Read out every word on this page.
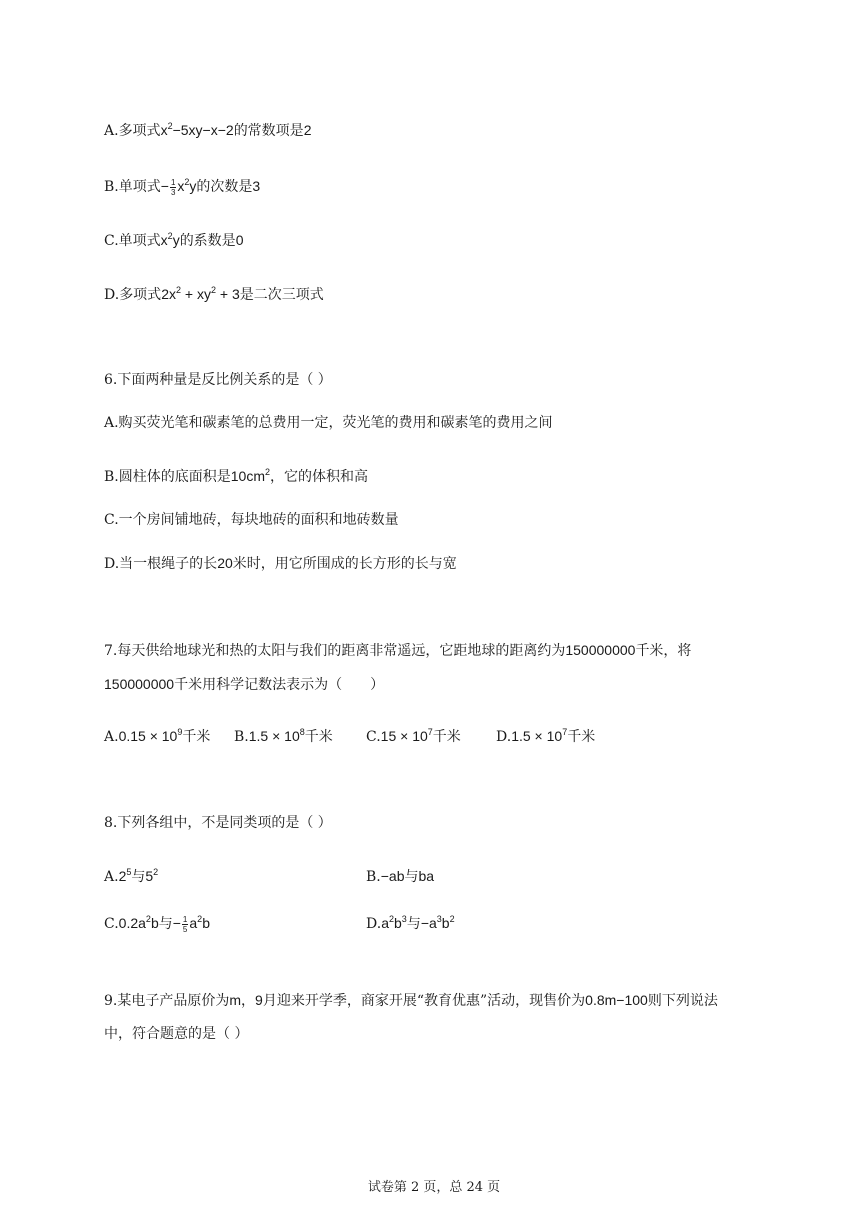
A.多项式$x^2-5xy-x-2$的常数项是2
B.单项式− $\frac{1}{3} x^2y$的次数是3
C.单项式$x^2y$的系数是0
D.多项式$2x^2 + xy^2 + 3$是二次三项式
6.下面两种量是反比例关系的是（ ）
A.购买荧光笔和碳素笔的总费用一定，荧光笔的费用和碳素笔的费用之间
B.圆柱体的底面积是$10cm^2$，它的体积和高
C.一个房间铺地砖，每块地砖的面积和地砖数量
D.当一根绳子的长20米时，用它所围成的长方形的长与宽
7.每天供给地球光和热的太阳与我们的距离非常遥远，它距地球的距离约为150000000千米，将
150000000千米用科学记数法表示为（　　）
$A.0.15 \times 10^9$千米 $B.1.5 \times 10^8$千米 $C.15 \times 10^7$千米	$D.1.5 \times 10^7$千米
8.下列各组中，不是同类项的是（ ）
$A.2^5$与$5^2$	B.−ab与ba
$C.0.2a^2b$与− $\frac{1}{5} a^2b$	$D.a^2b^3$与$-a^3b^2$
9.某电子产品原价为m，9月迎来开学季，商家开展“教育优惠”活动，现售价为0.8m−100则下列说法
中，符合题意的是（ ）
试卷第 2 页，总 24 页
